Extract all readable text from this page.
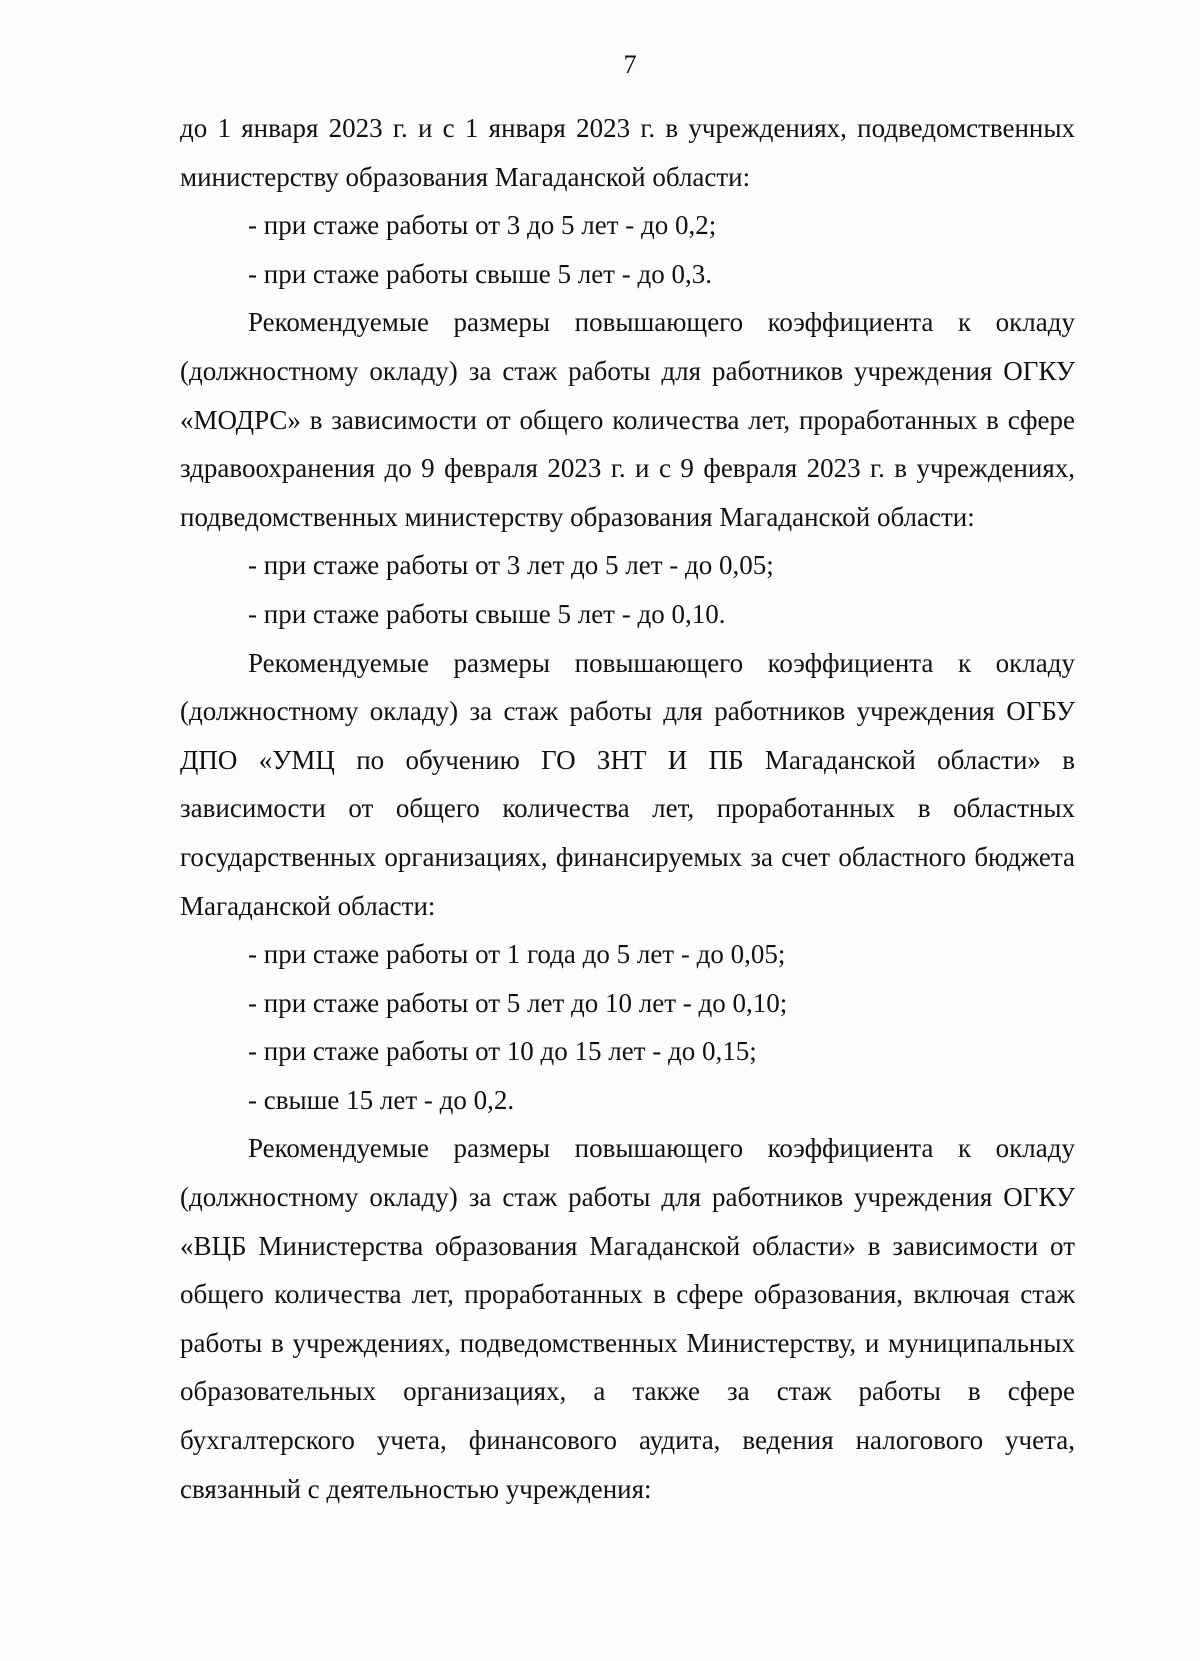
7

до 1 января 2023 г. и с 1 января 2023 г. в учреждениях, подведомственных министерству образования Магаданской области:

- при стаже работы от 3 до 5 лет - до 0,2;

- при стаже работы свыше 5 лет - до 0,3.

Рекомендуемые размеры повышающего коэффициента к окладу (должностному окладу) за стаж работы для работников учреждения ОГКУ «МОДРС» в зависимости от общего количества лет, проработанных в сфере здравоохранения до 9 февраля 2023 г. и с 9 февраля 2023 г. в учреждениях, подведомственных министерству образования Магаданской области:

- при стаже работы от 3 лет до 5 лет - до 0,05;

- при стаже работы свыше 5 лет - до 0,10.

Рекомендуемые размеры повышающего коэффициента к окладу (должностному окладу) за стаж работы для работников учреждения ОГБУ ДПО «УМЦ по обучению ГО ЗНТ И ПБ Магаданской области» в зависимости от общего количества лет, проработанных в областных государственных организациях, финансируемых за счет областного бюджета Магаданской области:

- при стаже работы от 1 года до 5 лет - до 0,05;

- при стаже работы от 5 лет до 10 лет - до 0,10;

- при стаже работы от 10 до 15 лет - до 0,15;

- свыше 15 лет - до 0,2.

Рекомендуемые размеры повышающего коэффициента к окладу (должностному окладу) за стаж работы для работников учреждения ОГКУ «ВЦБ Министерства образования Магаданской области» в зависимости от общего количества лет, проработанных в сфере образования, включая стаж работы в учреждениях, подведомственных Министерству, и муниципальных образовательных организациях, а также за стаж работы в сфере бухгалтерского учета, финансового аудита, ведения налогового учета, связанный с деятельностью учреждения:
